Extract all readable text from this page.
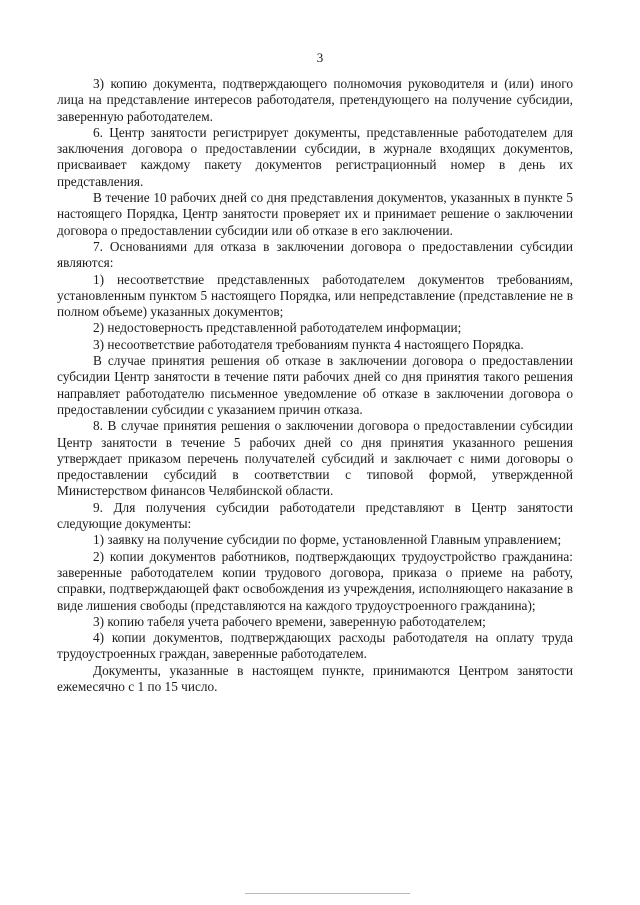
3

3) копию документа, подтверждающего полномочия руководителя и (или) иного лица на представление интересов работодателя, претендующего на получение субсидии, заверенную работодателем.

6. Центр занятости регистрирует документы, представленные работодателем для заключения договора о предоставлении субсидии, в журнале входящих документов, присваивает каждому пакету документов регистрационный номер в день их представления.

В течение 10 рабочих дней со дня представления документов, указанных в пункте 5 настоящего Порядка, Центр занятости проверяет их и принимает решение о заключении договора о предоставлении субсидии или об отказе в его заключении.

7. Основаниями для отказа в заключении договора о предоставлении субсидии являются:

1) несоответствие представленных работодателем документов требованиям, установленным пунктом 5 настоящего Порядка, или непредставление (представление не в полном объеме) указанных документов;

2) недостоверность представленной работодателем информации;

3) несоответствие работодателя требованиям пункта 4 настоящего Порядка.

В случае принятия решения об отказе в заключении договора о предоставлении субсидии Центр занятости в течение пяти рабочих дней со дня принятия такого решения направляет работодателю письменное уведомление об отказе в заключении договора о предоставлении субсидии с указанием причин отказа.

8. В случае принятия решения о заключении договора о предоставлении субсидии Центр занятости в течение 5 рабочих дней со дня принятия указанного решения утверждает приказом перечень получателей субсидий и заключает с ними договоры о предоставлении субсидий в соответствии с типовой формой, утвержденной Министерством финансов Челябинской области.

9. Для получения субсидии работодатели представляют в Центр занятости следующие документы:

1) заявку на получение субсидии по форме, установленной Главным управлением;

2) копии документов работников, подтверждающих трудоустройство гражданина: заверенные работодателем копии трудового договора, приказа о приеме на работу, справки, подтверждающей факт освобождения из учреждения, исполняющего наказание в виде лишения свободы (представляются на каждого трудоустроенного гражданина);

3) копию табеля учета рабочего времени, заверенную работодателем;

4) копии документов, подтверждающих расходы работодателя на оплату труда трудоустроенных граждан, заверенные работодателем.

Документы, указанные в настоящем пункте, принимаются Центром занятости ежемесячно с 1 по 15 число.
